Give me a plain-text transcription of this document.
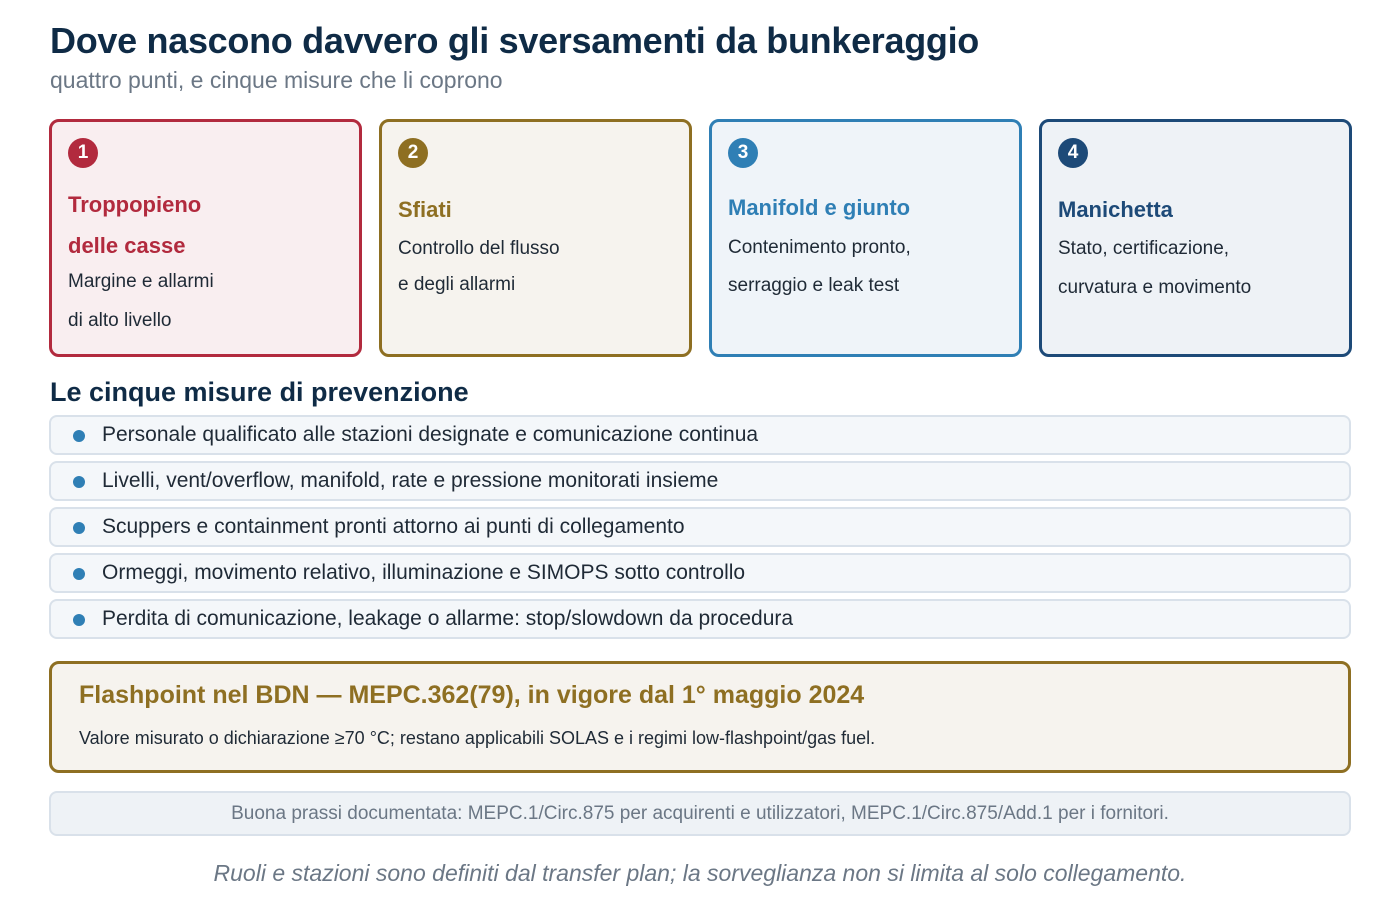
Dove nascono davvero gli sversamenti da bunkeraggio
quattro punti, e cinque misure che li coprono
1
Troppopieno
delle casse
Margine e allarmi
di alto livello
2
Sfiati
Controllo del flusso
e degli allarmi
3
Manifold e giunto
Contenimento pronto,
serraggio e leak test
4
Manichetta
Stato, certificazione,
curvatura e movimento
Le cinque misure di prevenzione
Personale qualificato alle stazioni designate e comunicazione continua
Livelli, vent/overflow, manifold, rate e pressione monitorati insieme
Scuppers e containment pronti attorno ai punti di collegamento
Ormeggi, movimento relativo, illuminazione e SIMOPS sotto controllo
Perdita di comunicazione, leakage o allarme: stop/slowdown da procedura
Flashpoint nel BDN — MEPC.362(79), in vigore dal 1° maggio 2024
Valore misurato o dichiarazione ≥70 °C; restano applicabili SOLAS e i regimi low-flashpoint/gas fuel.
Buona prassi documentata: MEPC.1/Circ.875 per acquirenti e utilizzatori, MEPC.1/Circ.875/Add.1 per i fornitori.
Ruoli e stazioni sono definiti dal transfer plan; la sorveglianza non si limita al solo collegamento.
